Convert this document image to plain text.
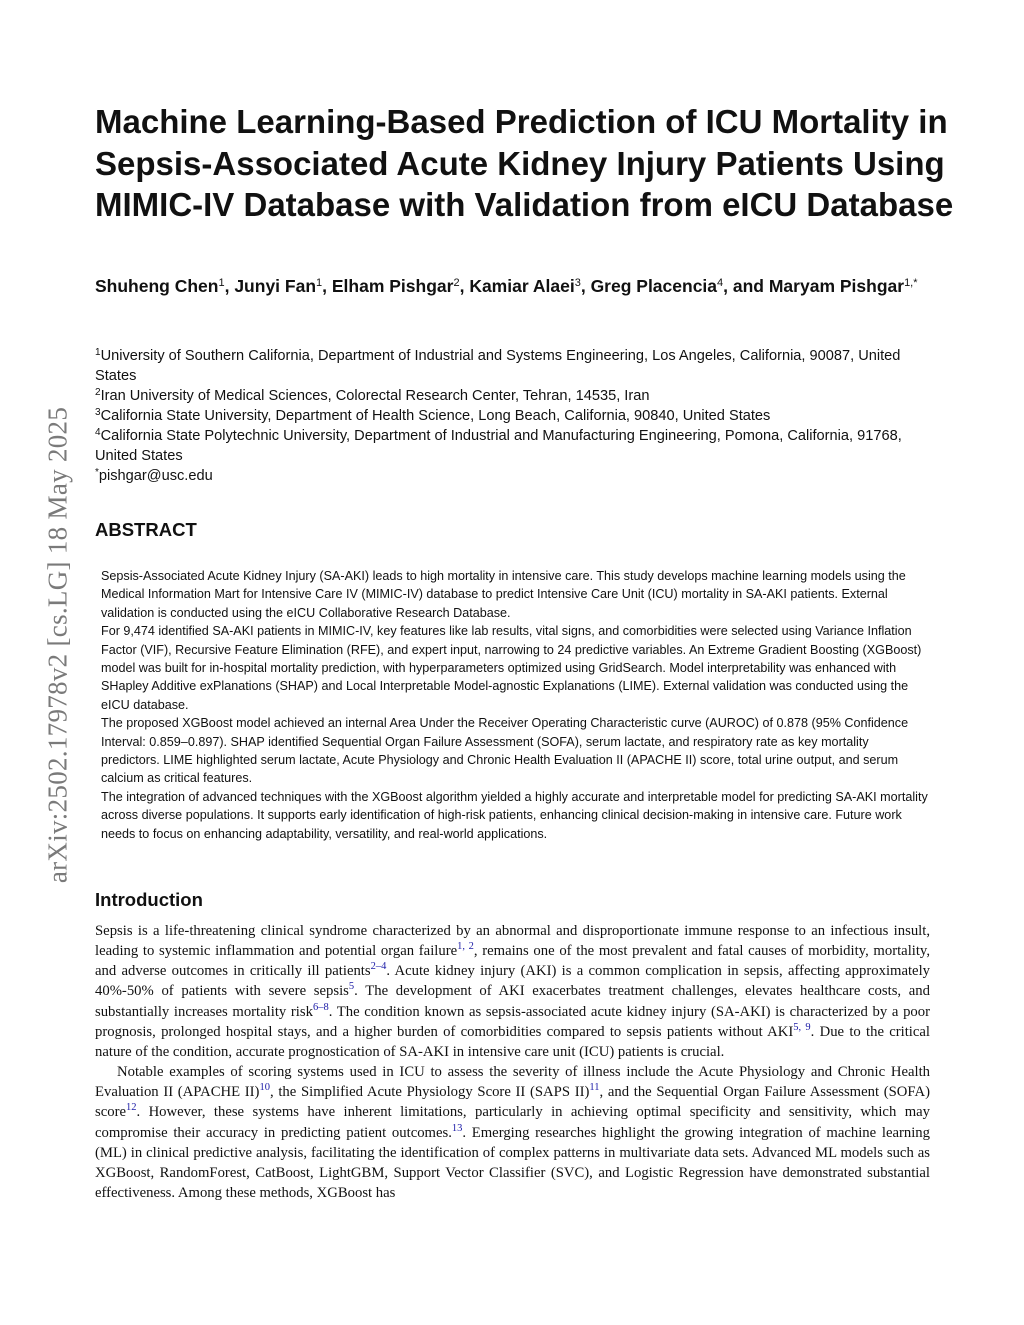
arXiv:2502.17978v2 [cs.LG] 18 May 2025
Machine Learning-Based Prediction of ICU Mortality in Sepsis-Associated Acute Kidney Injury Patients Using MIMIC-IV Database with Validation from eICU Database
Shuheng Chen$^1$, Junyi Fan$^1$, Elham Pishgar$^2$, Kamiar Alaei$^3$, Greg Placencia$^4$, and Maryam Pishgar$^{1,*}$

$^1$University of Southern California, Department of Industrial and Systems Engineering, Los Angeles, California, 90087, United States

$^2$Iran University of Medical Sciences, Colorectal Research Center, Tehran, 14535, Iran

$^3$California State University, Department of Health Science, Long Beach, California, 90840, United States

$^4$California State Polytechnic University, Department of Industrial and Manufacturing Engineering, Pomona, California, 91768, United States

*pishgar@usc.edu

ABSTRACT

Sepsis-Associated Acute Kidney Injury (SA-AKI) leads to high mortality in intensive care. This study develops machine learning models using the Medical Information Mart for Intensive Care IV (MIMIC-IV) database to predict Intensive Care Unit (ICU) mortality in SA-AKI patients. External validation is conducted using the eICU Collaborative Research Database.

For 9,474 identified SA-AKI patients in MIMIC-IV, key features like lab results, vital signs, and comorbidities were selected using Variance Inflation Factor (VIF), Recursive Feature Elimination (RFE), and expert input, narrowing to 24 predictive variables. An Extreme Gradient Boosting (XGBoost) model was built for in-hospital mortality prediction, with hyperparameters optimized using GridSearch. Model interpretability was enhanced with SHapley Additive exPlanations (SHAP) and Local Interpretable Model-agnostic Explanations (LIME). External validation was conducted using the eICU database.

The proposed XGBoost model achieved an internal Area Under the Receiver Operating Characteristic curve (AUROC) of 0.878 (95% Confidence Interval: 0.859–0.897). SHAP identified Sequential Organ Failure Assessment (SOFA), serum lactate, and respiratory rate as key mortality predictors. LIME highlighted serum lactate, Acute Physiology and Chronic Health Evaluation II (APACHE II) score, total urine output, and serum calcium as critical features.

The integration of advanced techniques with the XGBoost algorithm yielded a highly accurate and interpretable model for predicting SA-AKI mortality across diverse populations. It supports early identification of high-risk patients, enhancing clinical decision-making in intensive care. Future work needs to focus on enhancing adaptability, versatility, and real-world applications.

Introduction

Sepsis is a life-threatening clinical syndrome characterized by an abnormal and disproportionate immune response to an infectious insult, leading to systemic inflammation and potential organ failure$^{1, 2}$, remains one of the most prevalent and fatal causes of morbidity, mortality, and adverse outcomes in critically ill patients$^{2-4}$. Acute kidney injury (AKI) is a common complication in sepsis, affecting approximately 40%-50% of patients with severe sepsis$^5$. The development of AKI exacerbates treatment challenges, elevates healthcare costs, and substantially increases mortality risk$^{6-8}$. The condition known as sepsis-associated acute kidney injury (SA-AKI) is characterized by a poor prognosis, prolonged hospital stays, and a higher burden of comorbidities compared to sepsis patients without AKI$^{5, 9}$. Due to the critical nature of the condition, accurate prognostication of SA-AKI in intensive care unit (ICU) patients is crucial.

Notable examples of scoring systems used in ICU to assess the severity of illness include the Acute Physiology and Chronic Health Evaluation II (APACHE II)$^{10}$, the Simplified Acute Physiology Score II (SAPS II)$^{11}$, and the Sequential Organ Failure Assessment (SOFA) score$^{12}$. However, these systems have inherent limitations, particularly in achieving optimal specificity and sensitivity, which may compromise their accuracy in predicting patient outcomes.$^{13}$. Emerging researches highlight the growing integration of machine learning (ML) in clinical predictive analysis, facilitating the identification of complex patterns in multivariate data sets. Advanced ML models such as XGBoost, RandomForest, CatBoost, LightGBM, Support Vector Classifier (SVC), and Logistic Regression have demonstrated substantial effectiveness. Among these methods, XGBoost has
